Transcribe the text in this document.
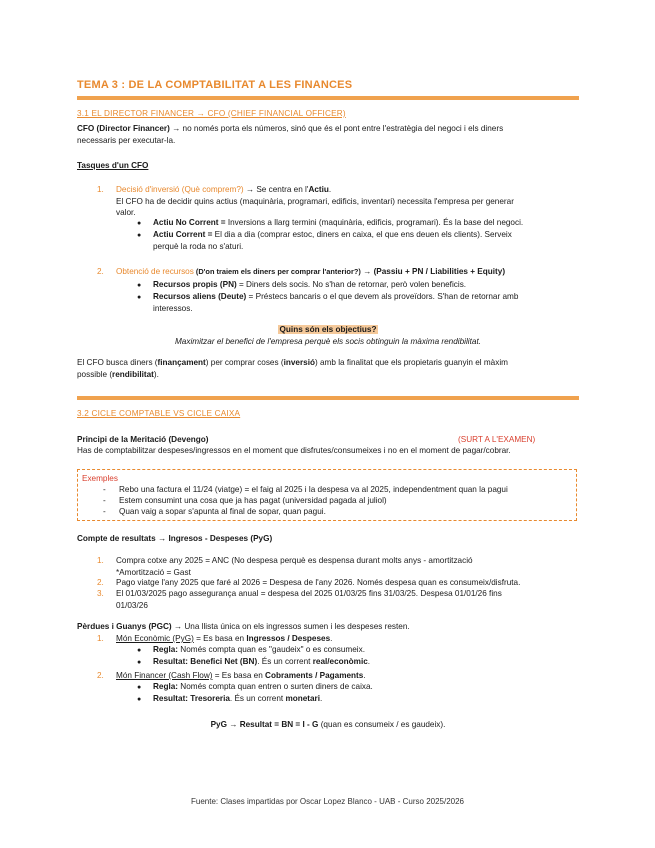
TEMA 3 : DE LA COMPTABILITAT A LES FINANCES
3.1 EL DIRECTOR FINANCER → CFO (CHIEF FINANCIAL OFFICER)
CFO (Director Financer) → no només porta els números, sinó que és el pont entre l'estratègia del negoci i els diners
necessaris per executar-la.
Tasques d'un CFO
1. Decisió d'inversió (Què comprem?) → Se centra en l'Actiu.
El CFO ha de decidir quins actius (maquinària, programari, edificis, inventari) necessita l'empresa per generar
valor.
● Actiu No Corrent = Inversions a llarg termini (maquinària, edificis, programari). És la base del negoci.
● Actiu Corrent = El dia a dia (comprar estoc, diners en caixa, el que ens deuen els clients). Serveix
perquè la roda no s'aturi.
2. Obtenció de recursos (D'on traiem els diners per comprar l'anterior?) → (Passiu + PN / Liabilities + Equity)
● Recursos propis (PN) = Diners dels socis. No s'han de retornar, però volen beneficis.
● Recursos aliens (Deute) = Préstecs bancaris o el que devem als proveïdors. S'han de retornar amb
interessos.
Quins són els objectius?
Maximitzar el benefici de l'empresa perquè els socis obtinguin la màxima rendibilitat.
El CFO busca diners (finançament) per comprar coses (inversió) amb la finalitat que els propietaris guanyin el màxim
possible (rendibilitat).
3.2 CICLE COMPTABLE VS CICLE CAIXA
Principi de la Meritació (Devengo)	(SURT A L'EXAMEN)
Has de comptabilitzar despeses/ingressos en el moment que disfrutes/consumeixes i no en el moment de pagar/cobrar.
Exemples
- Rebo una factura el 11/24 (viatge) = el faig al 2025 i la despesa va al 2025, independentment quan la pagui
- Estem consumint una cosa que ja has pagat (universidad pagada al juliol)
- Quan vaig a sopar s'apunta al final de sopar, quan pagui.
Compte de resultats → Ingresos - Despeses (PyG)
1. Compra cotxe any 2025 = ANC (No despesa perquè es despensa durant molts anys - amortització
*Amortització = Gast
2. Pago viatge l'any 2025 que faré al 2026 = Despesa de l'any 2026. Només despesa quan es consumeix/disfruta.
3. El 01/03/2025 pago assegurança anual = despesa del 2025 01/03/25 fins 31/03/25. Despesa 01/01/26 fins
01/03/26
Pèrdues i Guanys (PGC) → Una llista única on els ingressos sumen i les despeses resten.
1. Món Econòmic (PyG) = Es basa en Ingressos / Despeses.
● Regla: Només compta quan es "gaudeix" o es consumeix.
● Resultat: Benefici Net (BN). És un corrent real/econòmic.
2. Món Financer (Cash Flow) = Es basa en Cobraments / Pagaments.
● Regla: Només compta quan entren o surten diners de caixa.
● Resultat: Tresoreria. És un corrent monetari.
PyG → Resultat = BN = I - G (quan es consumeix / es gaudeix).
Fuente: Clases impartidas por Oscar Lopez Blanco - UAB - Curso 2025/2026
